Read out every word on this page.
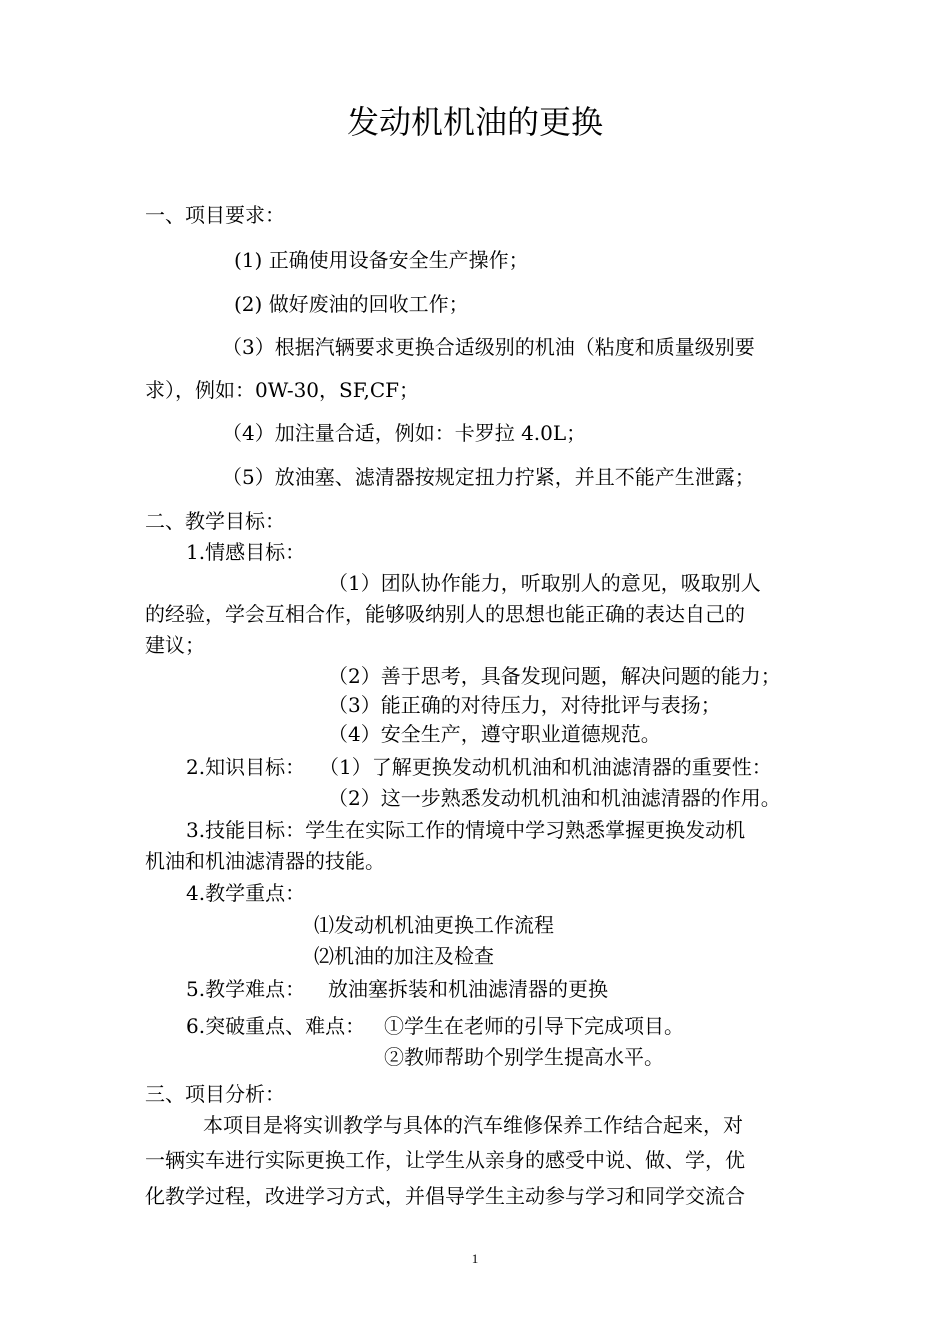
发动机机油的更换
一、项目要求：
(1) 正确使用设备安全生产操作；
(2) 做好废油的回收工作；
（3）根据汽辆要求更换合适级别的机油（粘度和质量级别要
求），例如：0W-30，SF,CF；
（4）加注量合适，例如：卡罗拉 4.0L；
（5）放油塞、滤清器按规定扭力拧紧，并且不能产生泄露；
二、教学目标：
1.情感目标：
（1）团队协作能力，听取别人的意见，吸取别人
的经验，学会互相合作，能够吸纳别人的思想也能正确的表达自己的
建议；
（2）善于思考，具备发现问题，解决问题的能力；
（3）能正确的对待压力，对待批评与表扬；
（4）安全生产，遵守职业道德规范。
2.知识目标： （1）了解更换发动机机油和机油滤清器的重要性：
（2）这一步熟悉发动机机油和机油滤清器的作用。
3.技能目标：学生在实际工作的情境中学习熟悉掌握更换发动机
机油和机油滤清器的技能。
4.教学重点：
⑴发动机机油更换工作流程
⑵机油的加注及检查
5.教学难点： 放油塞拆装和机油滤清器的更换
6.突破重点、难点： ①学生在老师的引导下完成项目。
②教师帮助个别学生提高水平。
三、项目分析：
本项目是将实训教学与具体的汽车维修保养工作结合起来，对
一辆实车进行实际更换工作，让学生从亲身的感受中说、做、学，优
化教学过程，改进学习方式，并倡导学生主动参与学习和同学交流合
1
